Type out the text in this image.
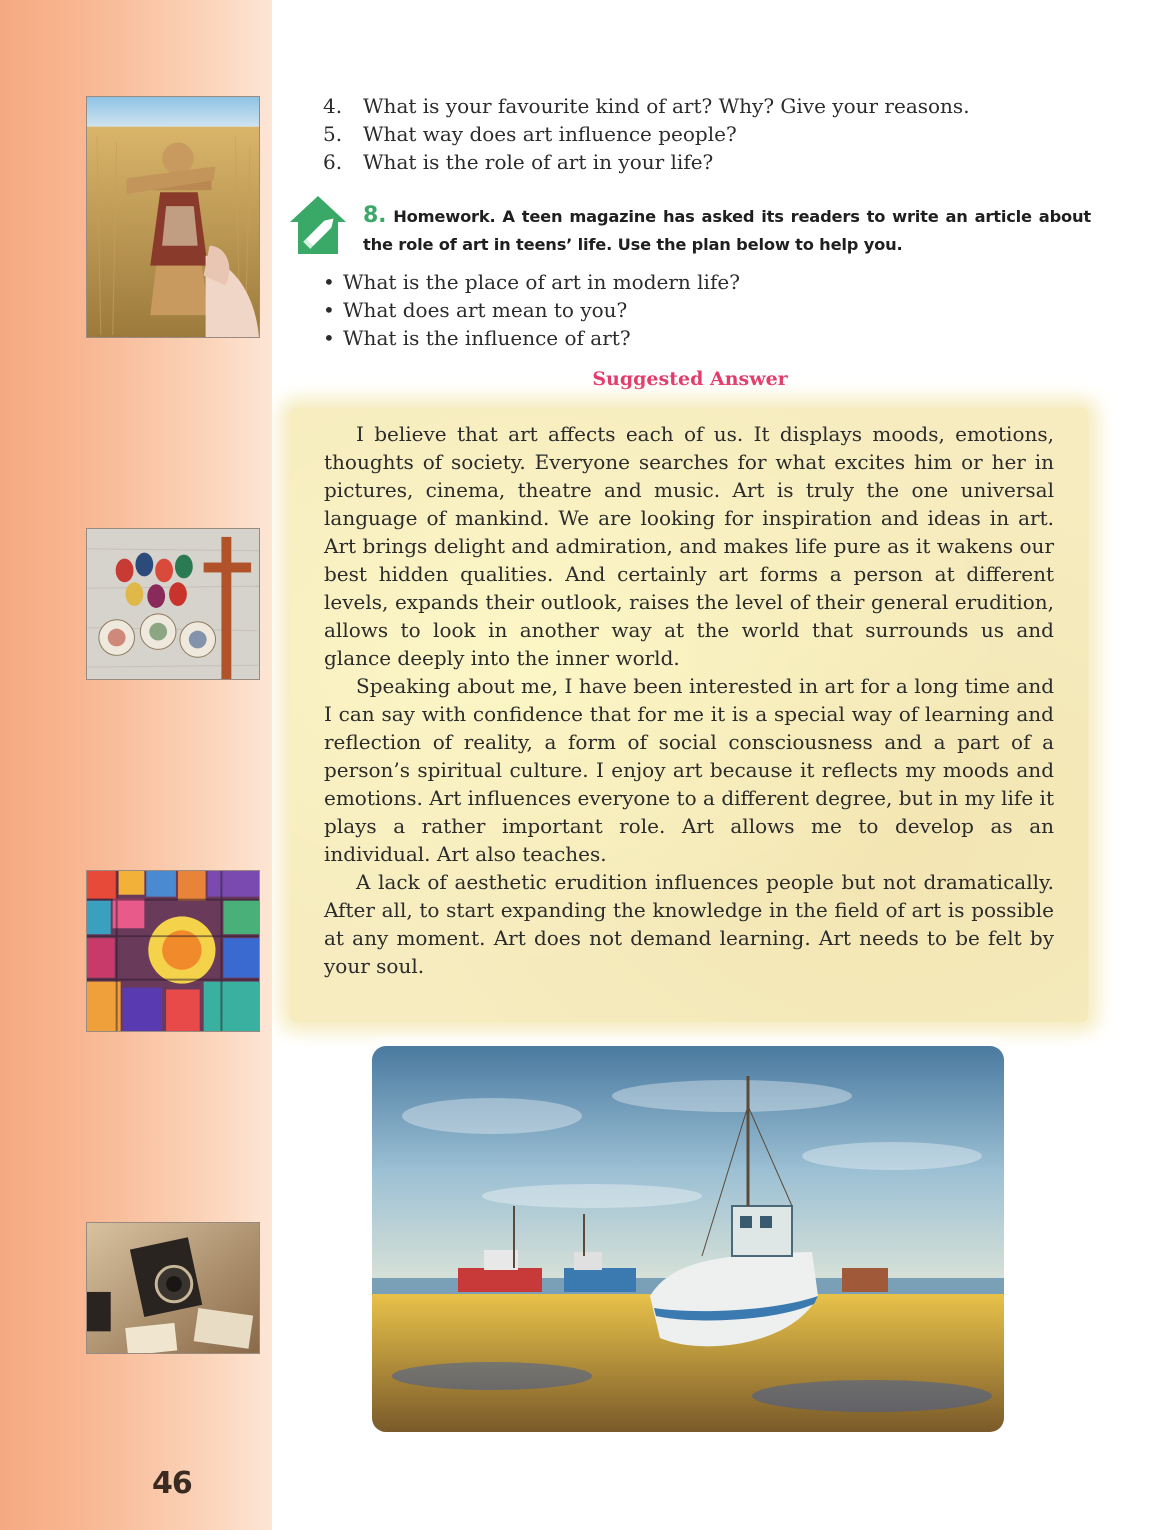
46
4. What is your favourite kind of art? Why? Give your reasons.
5. What way does art influence people?
6. What is the role of art in your life?
8. Homework. A teen magazine has asked its readers to write an article about the role of art in teens’ life. Use the plan below to help you.
• What is the place of art in modern life?
• What does art mean to you?
• What is the influence of art?
Suggested Answer

I believe that art affects each of us. It displays moods, emotions, thoughts of society. Everyone searches for what excites him or her in pictures, cinema, theatre and music. Art is truly the one universal language of mankind. We are looking for inspiration and ideas in art. Art brings delight and admiration, and makes life pure as it wakens our best hidden qualities. And certainly art forms a person at different levels, expands their outlook, raises the level of their general erudition, allows to look in another way at the world that surrounds us and glance deeply into the inner world.

Speaking about me, I have been interested in art for a long time and I can say with confidence that for me it is a special way of learning and reflection of reality, a form of social consciousness and a part of a person’s spiritual culture. I enjoy art because it reflects my moods and emotions. Art influences everyone to a different degree, but in my life it plays a rather important role. Art allows me to develop as an individual. Art also teaches.

A lack of aesthetic erudition influences people but not dramatically. After all, to start expanding the knowledge in the field of art is possible at any moment. Art does not demand learning. Art needs to be felt by your soul.
